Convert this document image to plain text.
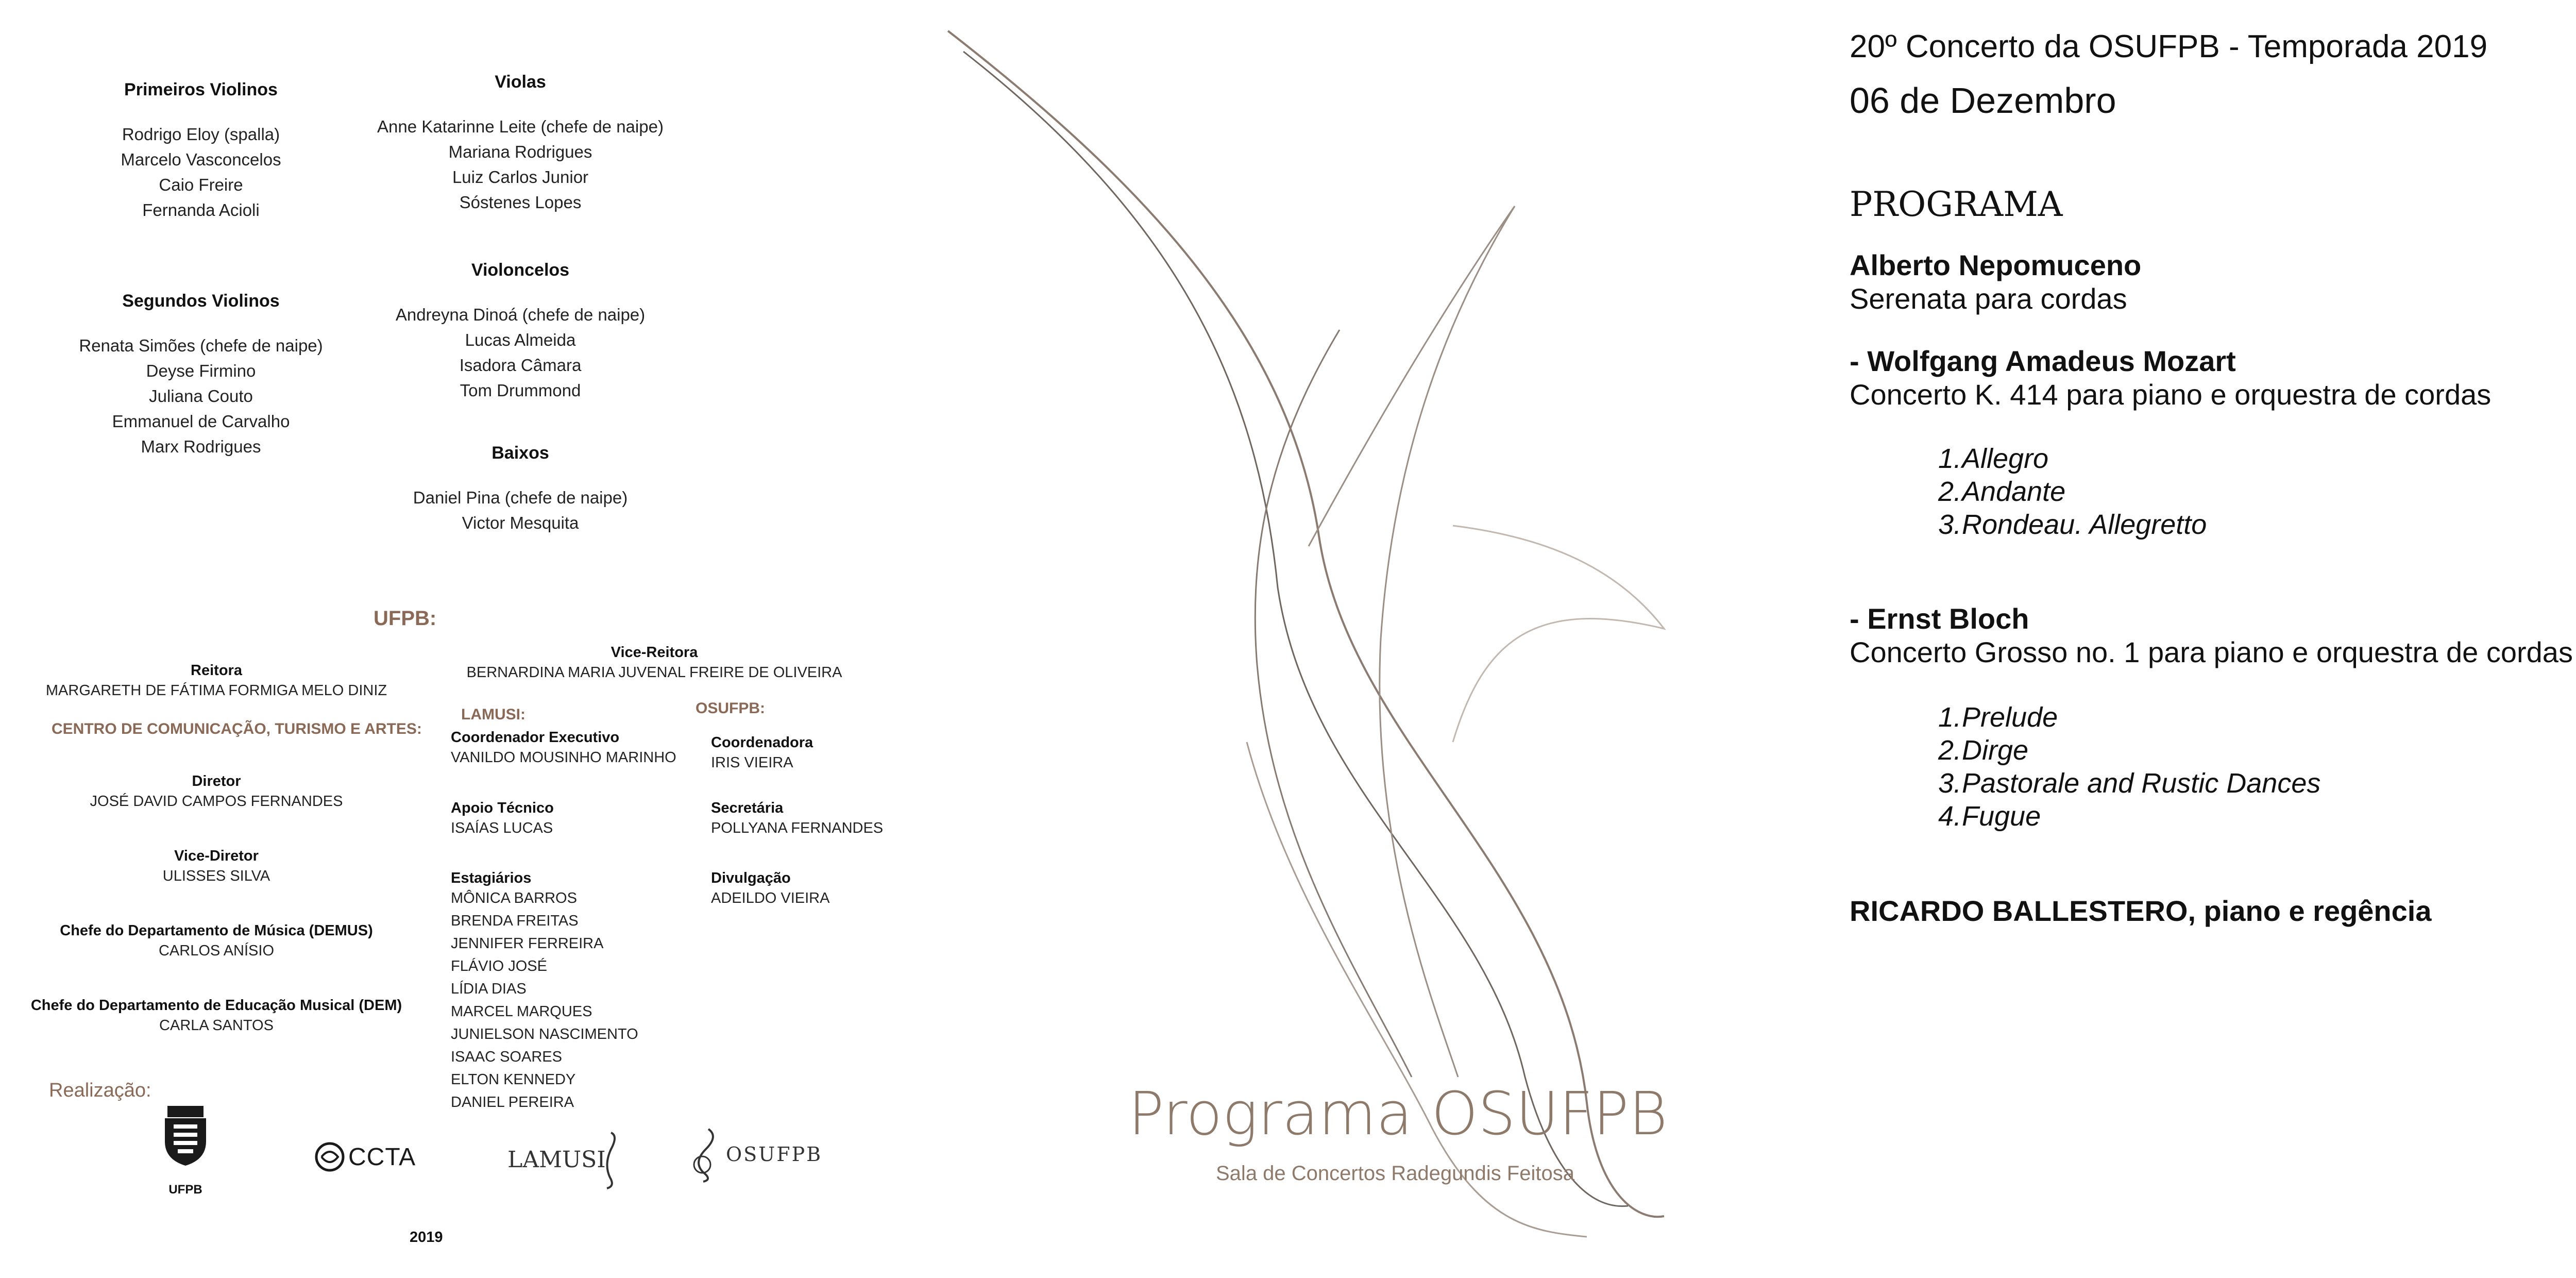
Primeiros Violinos
Rodrigo Eloy (spalla)
Marcelo Vasconcelos
Caio Freire
Fernanda Acioli
Segundos Violinos
Renata Simões (chefe de naipe)
Deyse Firmino
Juliana Couto
Emmanuel de Carvalho
Marx Rodrigues
Violas
Anne Katarinne Leite (chefe de naipe)
Mariana Rodrigues
Luiz Carlos Junior
Sóstenes Lopes
Violoncelos
Andreyna Dinoá (chefe de naipe)
Lucas Almeida
Isadora Câmara
Tom Drummond
Baixos
Daniel Pina (chefe de naipe)
Victor Mesquita
UFPB:
Reitora
MARGARETH DE FÁTIMA FORMIGA MELO DINIZ
Vice-Reitora
BERNARDINA MARIA JUVENAL FREIRE DE OLIVEIRA
CENTRO DE COMUNICAÇÃO, TURISMO E ARTES:
Diretor
JOSÉ DAVID CAMPOS FERNANDES
Vice-Diretor
ULISSES SILVA
Chefe do Departamento de Música (DEMUS)
CARLOS ANÍSIO
Chefe do Departamento de Educação Musical (DEM)
CARLA SANTOS
LAMUSI:
Coordenador Executivo
VANILDO MOUSINHO MARINHO
Apoio Técnico
ISAÍAS LUCAS
Estagiários
MÔNICA BARROS
BRENDA FREITAS
JENNIFER FERREIRA
FLÁVIO JOSÉ
LÍDIA DIAS
MARCEL MARQUES
JUNIELSON NASCIMENTO
ISAAC SOARES
ELTON KENNEDY
DANIEL PEREIRA
OSUFPB:
Coordenadora
IRIS VIEIRA
Secretária
POLLYANA FERNANDES
Divulgação
ADEILDO VIEIRA
Realização:
UFPB
CCTA	LAMUSI	OSUFPB
2019
Programa OSUFPB
Sala de Concertos Radegundis Feitosa
20º Concerto da OSUFPB - Temporada 2019
06 de Dezembro
PROGRAMA
Alberto Nepomuceno
Serenata para cordas
- Wolfgang Amadeus Mozart
Concerto K. 414 para piano e orquestra de cordas
1.Allegro
2.Andante
3.Rondeau. Allegretto
- Ernst Bloch
Concerto Grosso no. 1 para piano e orquestra de cordas
1.Prelude
2.Dirge
3.Pastorale and Rustic Dances
4.Fugue
RICARDO BALLESTERO, piano e regência
